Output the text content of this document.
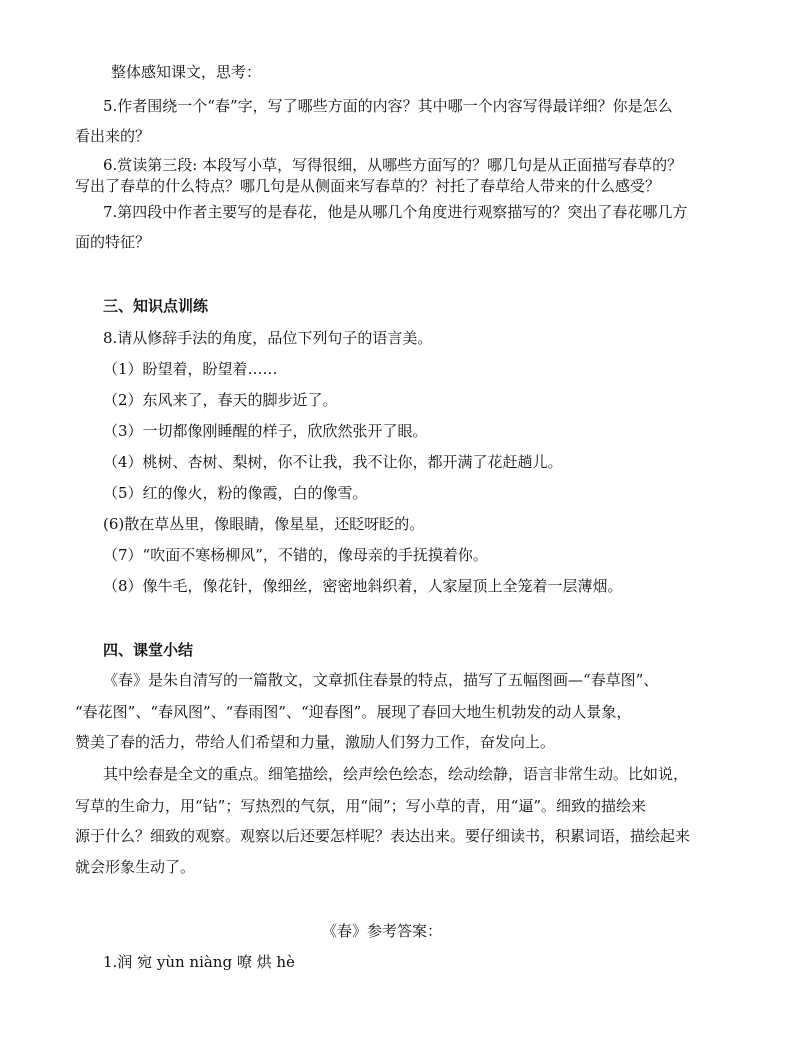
整体感知课文，思考：
5.作者围绕一个“春”字，写了哪些方面的内容？其中哪一个内容写得最详细？你是怎么
看出来的？
6.赏读第三段: 本段写小草，写得很细，从哪些方面写的？哪几句是从正面描写春草的？
写出了春草的什么特点？哪几句是从侧面来写春草的？衬托了春草给人带来的什么感受？
7.第四段中作者主要写的是春花，他是从哪几个角度进行观察描写的？突出了春花哪几方
面的特征？
三、知识点训练
8.请从修辞手法的角度，品位下列句子的语言美。
（1）盼望着，盼望着……
（2）东风来了，春天的脚步近了。
（3）一切都像刚睡醒的样子，欣欣然张开了眼。
（4）桃树、杏树、梨树，你不让我，我不让你，都开满了花赶趟儿。
（5）红的像火，粉的像霞，白的像雪。
(6)散在草丛里，像眼睛，像星星，还眨呀眨的。
（7）“吹面不寒杨柳风”，不错的，像母亲的手抚摸着你。
（8）像牛毛，像花针，像细丝，密密地斜织着，人家屋顶上全笼着一层薄烟。
四、课堂小结
《春》是朱自清写的一篇散文，文章抓住春景的特点，描写了五幅图画—“春草图”、
“春花图”、“春风图”、“春雨图”、“迎春图”。展现了春回大地生机勃发的动人景象，
赞美了春的活力，带给人们希望和力量，激励人们努力工作，奋发向上。
其中绘春是全文的重点。细笔描绘，绘声绘色绘态，绘动绘静，语言非常生动。比如说，
写草的生命力，用“钻”；写热烈的气氛，用“闹”；写小草的青，用“逼”。细致的描绘来
源于什么？细致的观察。观察以后还要怎样呢？表达出来。要仔细读书，积累词语，描绘起来
就会形象生动了。
《春》参考答案：
1.润 宛 yùn niàng 嘹 烘 hè
